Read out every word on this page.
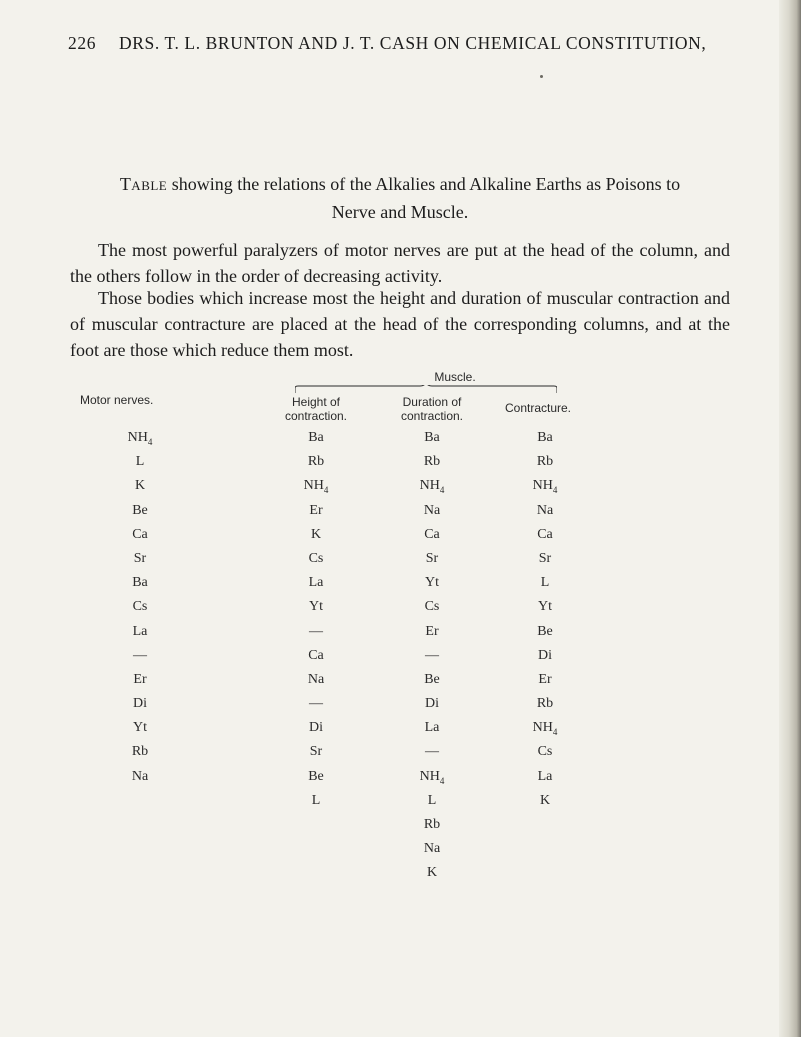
226 DRS. T. L. BRUNTON AND J. T. CASH ON CHEMICAL CONSTITUTION,
Table showing the relations of the Alkalies and Alkaline Earths as Poisons to
Nerve and Muscle.
The most powerful paralyzers of motor nerves are put at the head of the column, and the others follow in the order of decreasing activity.
Those bodies which increase most the height and duration of muscular contraction and of muscular contracture are placed at the head of the corresponding columns, and at the foot are those which reduce them most.
Muscle.
Motor nerves.	Height of
contraction.
Duration of
contraction.
Contracture.
$NH_4$
L
K
Be
Ca
Sr
Ba
Cs
La
—
Er
Di
Yt
Rb
Na
Ba
Rb
$NH_4$
Er
K
Cs
La
Yt
—
Ca
Na
—
Di
Sr
Be
L
Ba
Rb
$NH_4$
Na
Ca
Sr
Yt
Cs
Er
—
Be
Di
La
—
$NH_4$
L
Rb
Na
K
Ba
Rb
$NH_4$
Na
Ca
Sr
L
Yt
Be
Di
Er
Rb
$NH_4$
Cs
La
K
